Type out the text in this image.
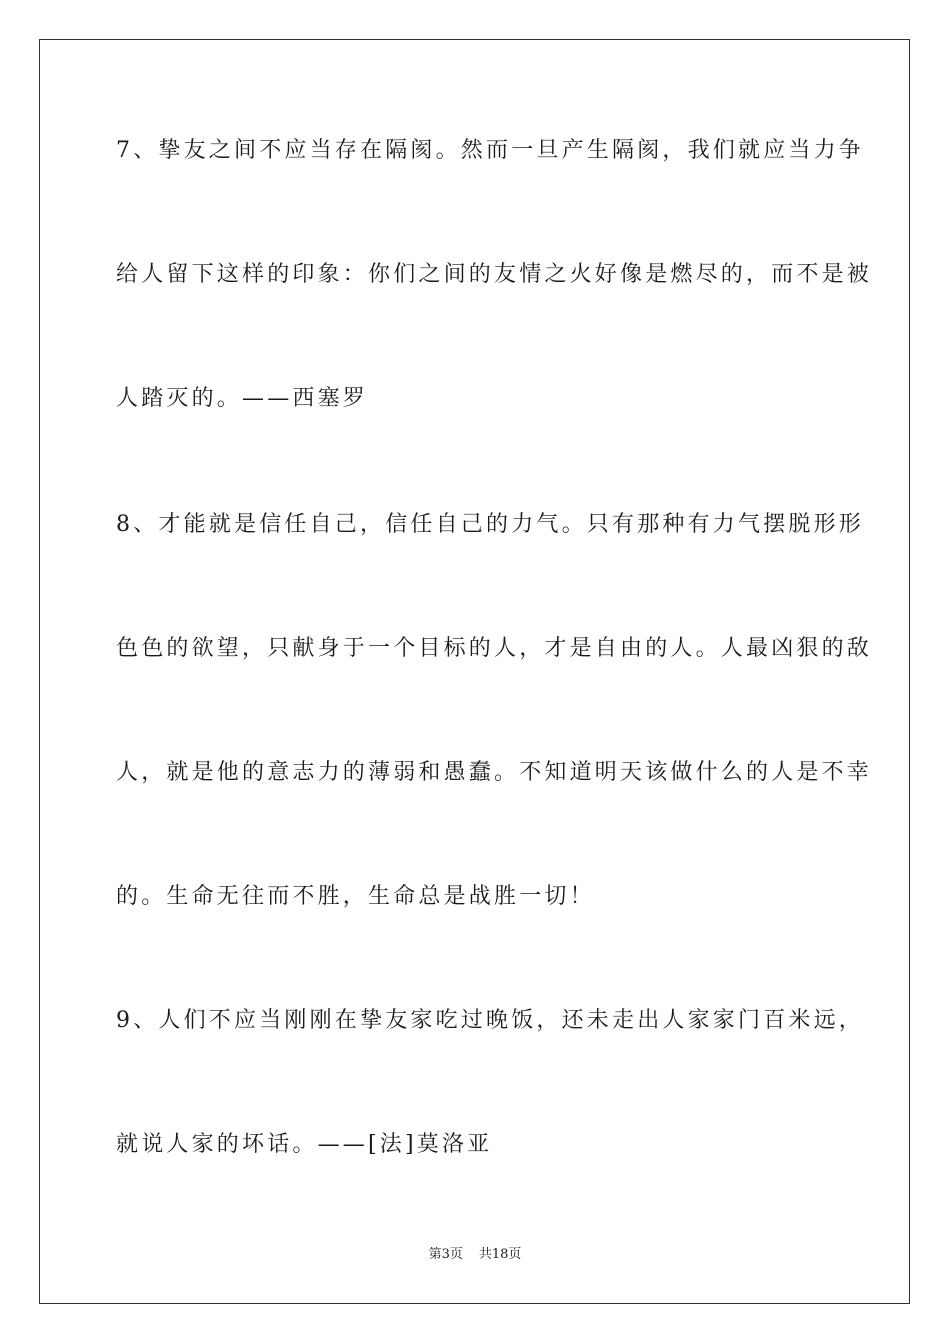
7、挚友之间不应当存在隔阂。然而一旦产生隔阂，我们就应当力争
给人留下这样的印象：你们之间的友情之火好像是燃尽的，而不是被
人踏灭的。——西塞罗
8、才能就是信任自己，信任自己的力气。只有那种有力气摆脱形形
色色的欲望，只献身于一个目标的人，才是自由的人。人最凶狠的敌
人，就是他的意志力的薄弱和愚蠢。不知道明天该做什么的人是不幸
的。生命无往而不胜，生命总是战胜一切！
9、人们不应当刚刚在挚友家吃过晚饭，还未走出人家家门百米远，
就说人家的坏话。——[法]莫洛亚
第3页 共18页
